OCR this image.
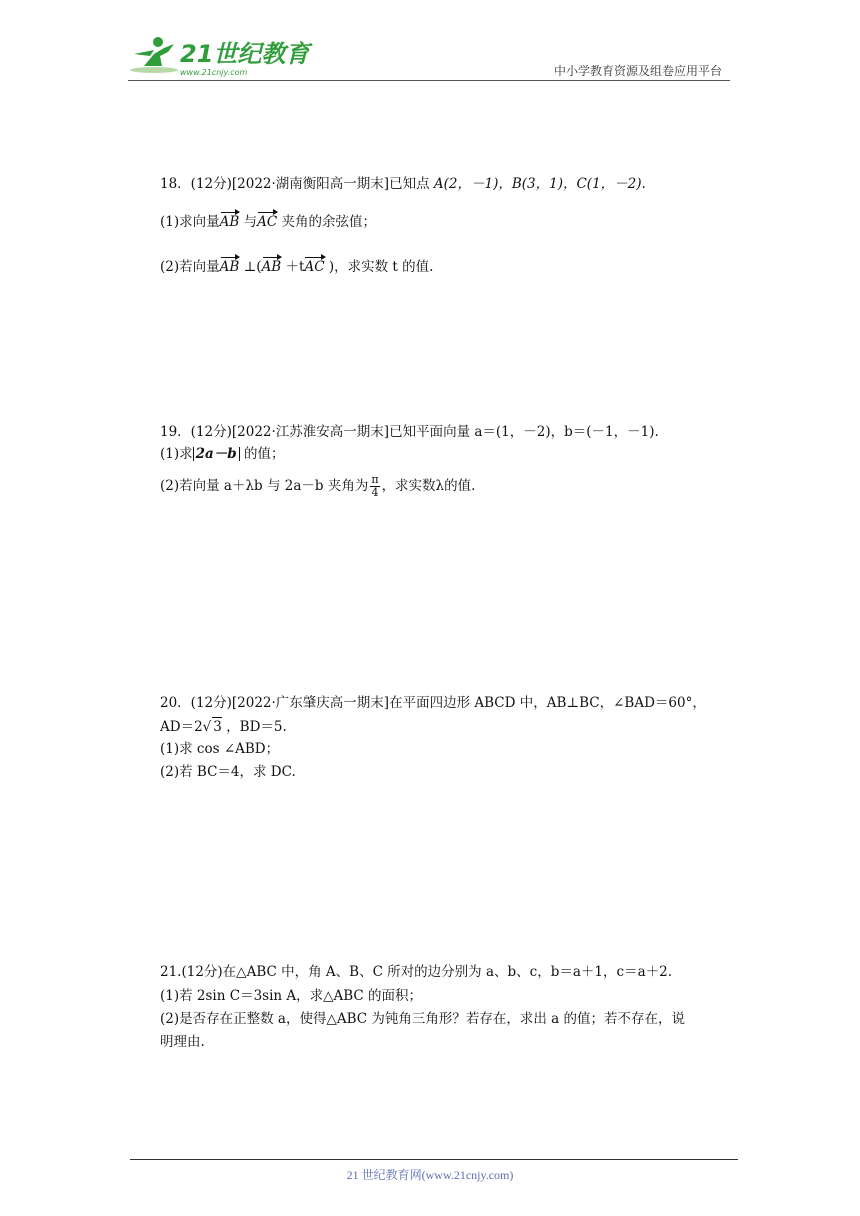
21世纪教育
www.21cnjy.com	中小学教育资源及组卷应用平台
18．(12分)[2022·湖南衡阳高一期末]已知点 A(2，－1)，B(3，1)，C(1，－2).
(1)求向量AB 与AC 夹角的余弦值；
(2)若向量AB ⊥(AB ＋tAC )，求实数 t 的值.
19．(12分)[2022·江苏淮安高一期末]已知平面向量 a＝(1，－2)，b＝(－1，－1).
(1)求 2a－b 的值；
(2)若向量 a＋λb 与 2a－b 夹角为 $\frac{\pi}{4}$ ，求实数λ的值.
20．(12分)[2022·广东肇庆高一期末]在平面四边形 ABCD 中，AB⊥BC，∠BAD＝60°，
AD＝2√ 3 ，BD＝5.
(1)求 cos ∠ABD；
(2)若 BC＝4，求 DC.
21.(12分)在△ABC 中，角 A、B、C 所对的边分别为 a、b、c，b＝a＋1，c＝a＋2.
(1)若 2sin C＝3sin A，求△ABC 的面积；
(2)是否存在正整数 a，使得△ABC 为钝角三角形？若存在，求出 a 的值；若不存在，说
明理由.
21 世纪教育网(www.21cnjy.com)
